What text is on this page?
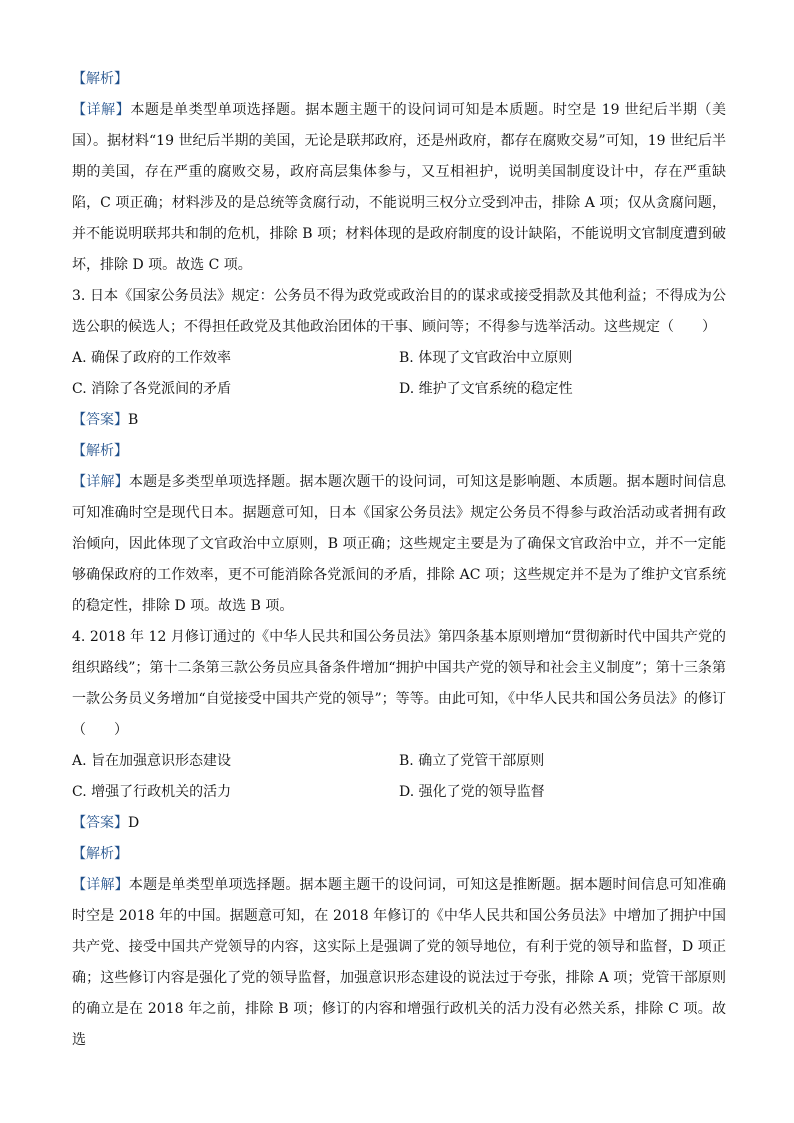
【解析】

【详解】本题是单类型单项选择题。据本题主题干的设问词可知是本质题。时空是 19 世纪后半期（美国）。据材料“19 世纪后半期的美国，无论是联邦政府，还是州政府，都存在腐败交易”可知，19 世纪后半期的美国，存在严重的腐败交易，政府高层集体参与，又互相袒护，说明美国制度设计中，存在严重缺陷，C 项正确；材料涉及的是总统等贪腐行动，不能说明三权分立受到冲击，排除 A 项；仅从贪腐问题，并不能说明联邦共和制的危机，排除 B 项；材料体现的是政府制度的设计缺陷，不能说明文官制度遭到破坏，排除 D 项。故选 C 项。

3. 日本《国家公务员法》规定：公务员不得为政党或政治目的的谋求或接受捐款及其他利益；不得成为公选公职的候选人；不得担任政党及其他政治团体的干事、顾问等；不得参与选举活动。这些规定（　　）

A. 确保了政府的工作效率	B. 体现了文官政治中立原则
C. 消除了各党派间的矛盾	D. 维护了文官系统的稳定性
【答案】B
【解析】

【详解】本题是多类型单项选择题。据本题次题干的设问词，可知这是影响题、本质题。据本题时间信息可知准确时空是现代日本。据题意可知，日本《国家公务员法》规定公务员不得参与政治活动或者拥有政治倾向，因此体现了文官政治中立原则，B 项正确；这些规定主要是为了确保文官政治中立，并不一定能够确保政府的工作效率，更不可能消除各党派间的矛盾，排除 AC 项；这些规定并不是为了维护文官系统的稳定性，排除 D 项。故选 B 项。

4. 2018 年 12 月修订通过的《中华人民共和国公务员法》第四条基本原则增加“贯彻新时代中国共产党的组织路线”；第十二条第三款公务员应具备条件增加“拥护中国共产党的领导和社会主义制度”；第十三条第一款公务员义务增加“自觉接受中国共产党的领导”；等等。由此可知，《中华人民共和国公务员法》的修订（　　）

A. 旨在加强意识形态建设	B. 确立了党管干部原则
C. 增强了行政机关的活力	D. 强化了党的领导监督
【答案】D
【解析】

【详解】本题是单类型单项选择题。据本题主题干的设问词，可知这是推断题。据本题时间信息可知准确时空是 2018 年的中国。据题意可知，在 2018 年修订的《中华人民共和国公务员法》中增加了拥护中国共产党、接受中国共产党领导的内容，这实际上是强调了党的领导地位，有利于党的领导和监督，D 项正确；这些修订内容是强化了党的领导监督，加强意识形态建设的说法过于夸张，排除 A 项；党管干部原则的确立是在 2018 年之前，排除 B 项；修订的内容和增强行政机关的活力没有必然关系，排除 C 项。故选
